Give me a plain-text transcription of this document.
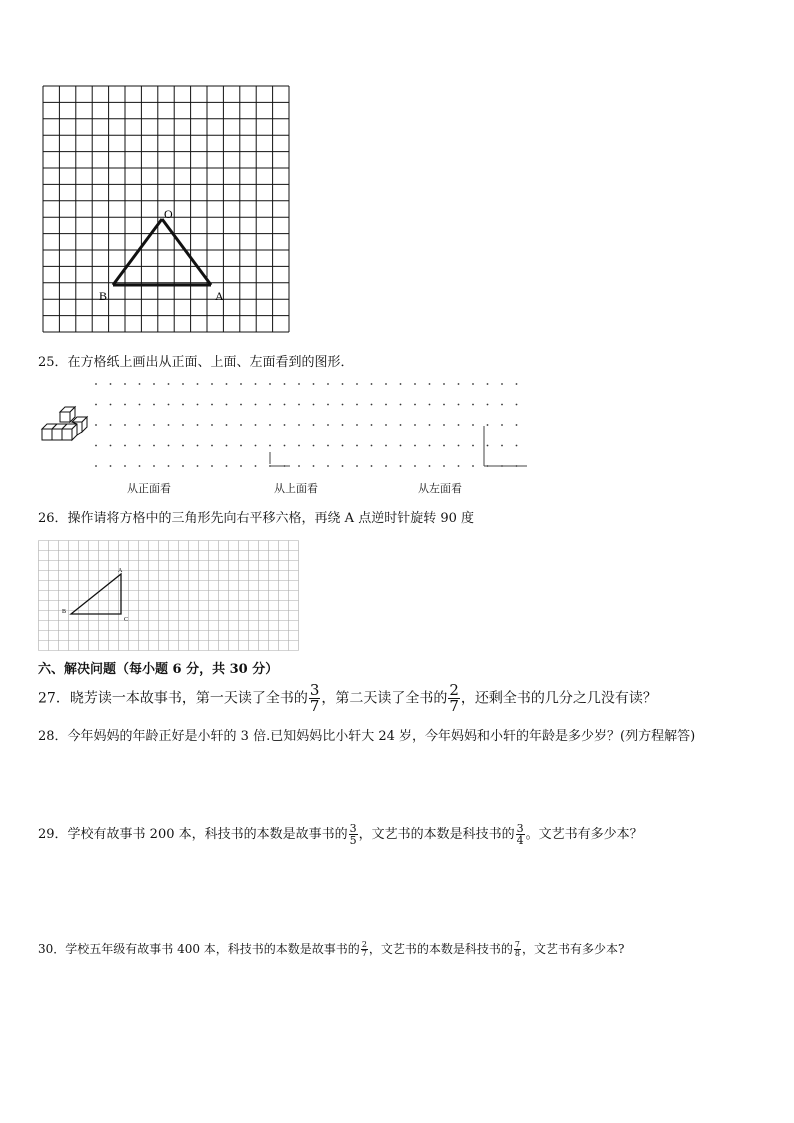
O
B	A
25．在方格纸上画出从正面、上面、左面看到的图形．
从正面看	从上面看	从左面看
26．操作请将方格中的三角形先向右平移六格，再绕 A 点逆时针旋转 90 度
A
B
C
六、解决问题（每小题 6 分，共 30 分）
27．晓芳读一本故事书，第一天读了全书的 $\frac{3}{7}$ ，第二天读了全书的 $\frac{2}{7}$ ，还剩全书的几分之几没有读？
28．今年妈妈的年龄正好是小轩的 3 倍.已知妈妈比小轩大 24 岁，今年妈妈和小轩的年龄是多少岁？(列方程解答)
29．学校有故事书 200 本，科技书的本数是故事书的 $\frac{3}{5}$ ，文艺书的本数是科技书的 $\frac{3}{4}$ 。文艺书有多少本？
30．学校五年级有故事书 400 本，科技书的本数是故事书的 $\frac{2}{7}$ ，文艺书的本数是科技书的 $\frac{7}{8}$ ，文艺书有多少本?
